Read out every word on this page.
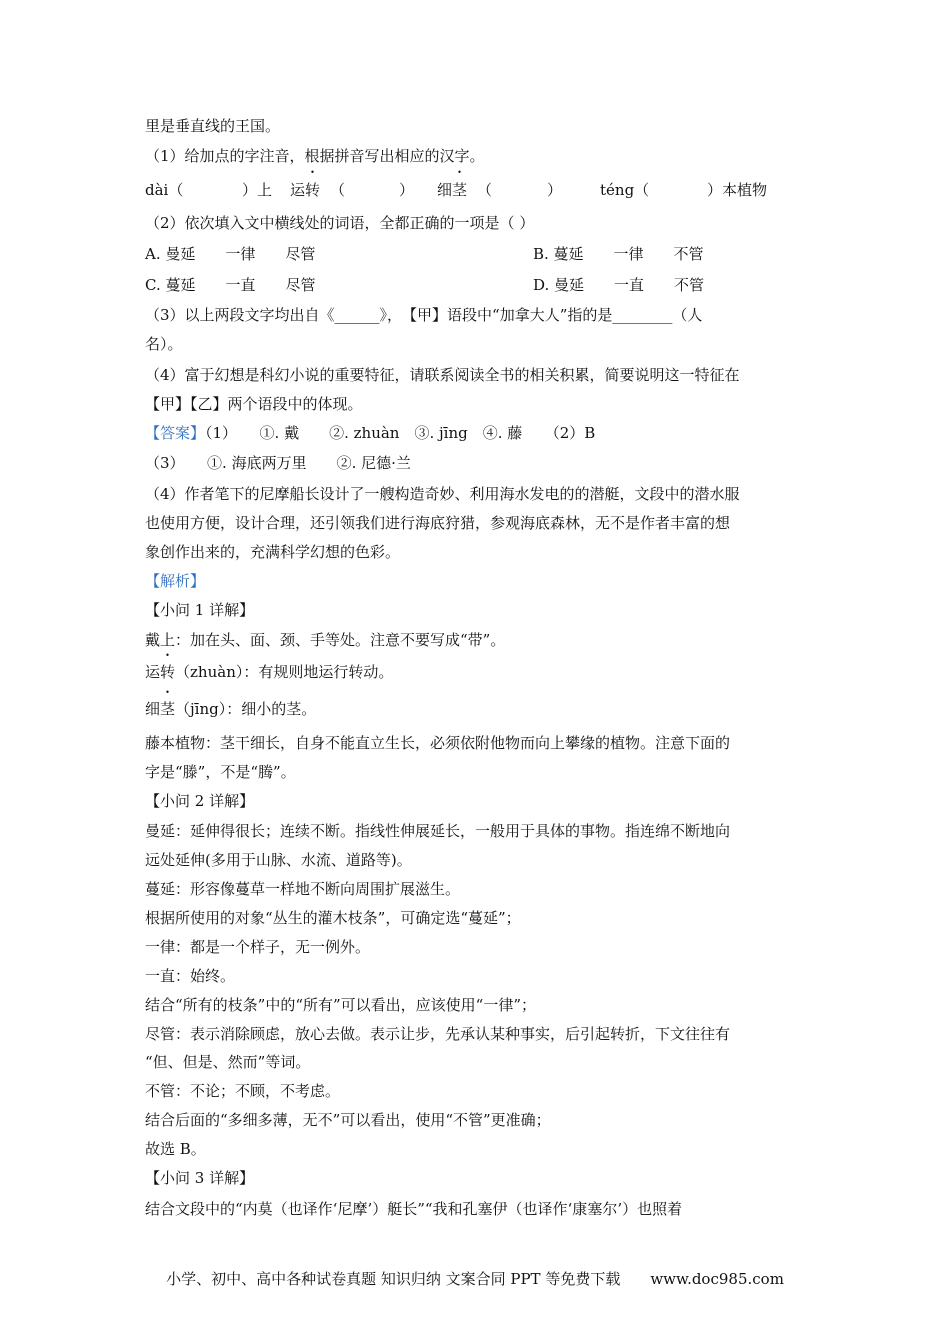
里是垂直线的王国。
（1）给加点的字注音，根据拼音写出相应的汉字。
dài（	）上 运转 （	） 细茎 （	）	téng（	）本植物
（2）依次填入文中横线处的词语，全都正确的一项是（ ）
A. 曼延　　一律　　尽管	B. 蔓延　　一律　　不管
C. 蔓延　　一直　　尽管	D. 曼延　　一直　　不管
（3）以上两段文字均出自《______》，　【甲】语段中“加拿大人”指的是________（人
名）。
（4）富于幻想是科幻小说的重要特征，请联系阅读全书的相关积累，简要说明这一特征在
【甲】【乙】两个语段中的体现。
【答案】（1）　　①. 戴　　②. zhuàn　③. jīng　④. 藤　　（2）B
（3）　　①. 海底两万里　　②. 尼德·兰
（4）作者笔下的尼摩船长设计了一艘构造奇妙、利用海水发电的的潜艇，文段中的潜水服
也使用方便，设计合理，还引领我们进行海底狩猎，参观海底森林，无不是作者丰富的想
象创作出来的，充满科学幻想的色彩。
【解析】
【小问 1 详解】
戴上：加在头、面、颈、手等处。注意不要写成“带”。
运转（zhuàn）：有规则地运行转动。
细茎（jīng）：细小的茎。
藤本植物：茎干细长，自身不能直立生长，必须依附他物而向上攀缘的植物。注意下面的
字是“滕”，不是“腾”。
【小问 2 详解】
曼延：延伸得很长；连续不断。指线性伸展延长，一般用于具体的事物。指连绵不断地向
远处延伸(多用于山脉、水流、道路等)。
蔓延：形容像蔓草一样地不断向周围扩展滋生。
根据所使用的对象“丛生的灌木枝条”，可确定选“蔓延”；
一律：都是一个样子，无一例外。
一直：始终。
结合“所有的枝条”中的“所有”可以看出，应该使用“一律”；
尽管：表示消除顾虑，放心去做。表示让步，先承认某种事实，后引起转折，下文往往有
“但、但是、然而”等词。
不管：不论；不顾，不考虑。
结合后面的“多细多薄，无不”可以看出，使用“不管”更准确；
故选 B。
【小问 3 详解】
结合文段中的“内莫（也译作‘尼摩’）艇长”“我和孔塞伊（也译作‘康塞尔’）也照着
小学、初中、高中各种试卷真题 知识归纳 文案合同 PPT 等免费下载　　www.doc985.com
